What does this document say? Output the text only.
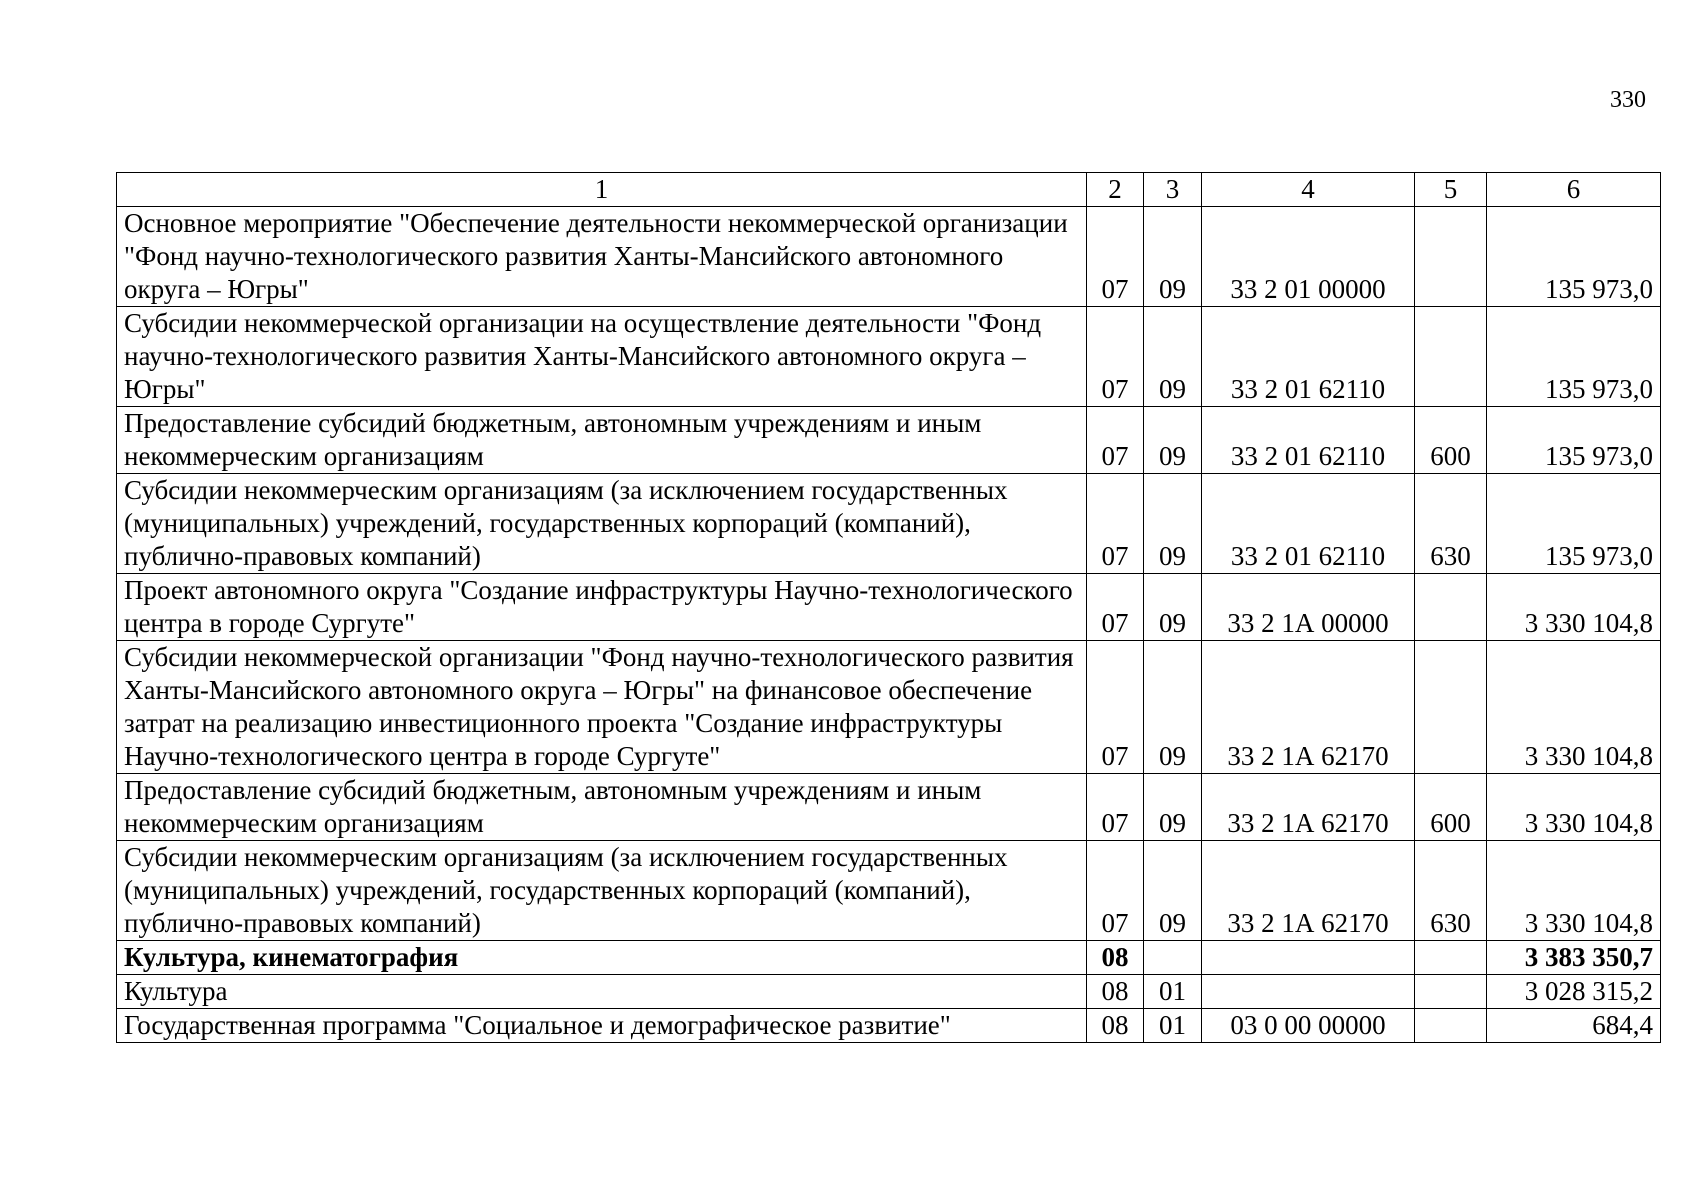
330
1	2	3	4	5	6
Основное мероприятие "Обеспечение деятельности некоммерческой организации "Фонд научно-технологического развития Ханты-Мансийского автономного округа – Югры"	07	09	33 2 01 00000		135 973,0
Субсидии некоммерческой организации на осуществление деятельности "Фонд научно-технологического развития Ханты-Мансийского автономного округа – Югры"	07	09	33 2 01 62110		135 973,0
Предоставление субсидий бюджетным, автономным учреждениям и иным некоммерческим организациям	07	09	33 2 01 62110	600	135 973,0
Субсидии некоммерческим организациям (за исключением государственных (муниципальных) учреждений, государственных корпораций (компаний), публично-правовых компаний)	07	09	33 2 01 62110	630	135 973,0
Проект автономного округа "Создание инфраструктуры Научно-технологического центра в городе Сургуте"	07	09	33 2 1А 00000		3 330 104,8
Субсидии некоммерческой организации "Фонд научно-технологического развития Ханты-Мансийского автономного округа – Югры" на финансовое обеспечение затрат на реализацию инвестиционного проекта "Создание инфраструктуры Научно-технологического центра в городе Сургуте"	07	09	33 2 1А 62170		3 330 104,8
Предоставление субсидий бюджетным, автономным учреждениям и иным некоммерческим организациям	07	09	33 2 1А 62170	600	3 330 104,8
Субсидии некоммерческим организациям (за исключением государственных (муниципальных) учреждений, государственных корпораций (компаний), публично-правовых компаний)	07	09	33 2 1А 62170	630	3 330 104,8
Культура, кинематография	08				3 383 350,7
Культура	08	01			3 028 315,2
Государственная программа "Социальное и демографическое развитие"	08	01	03 0 00 00000		684,4
